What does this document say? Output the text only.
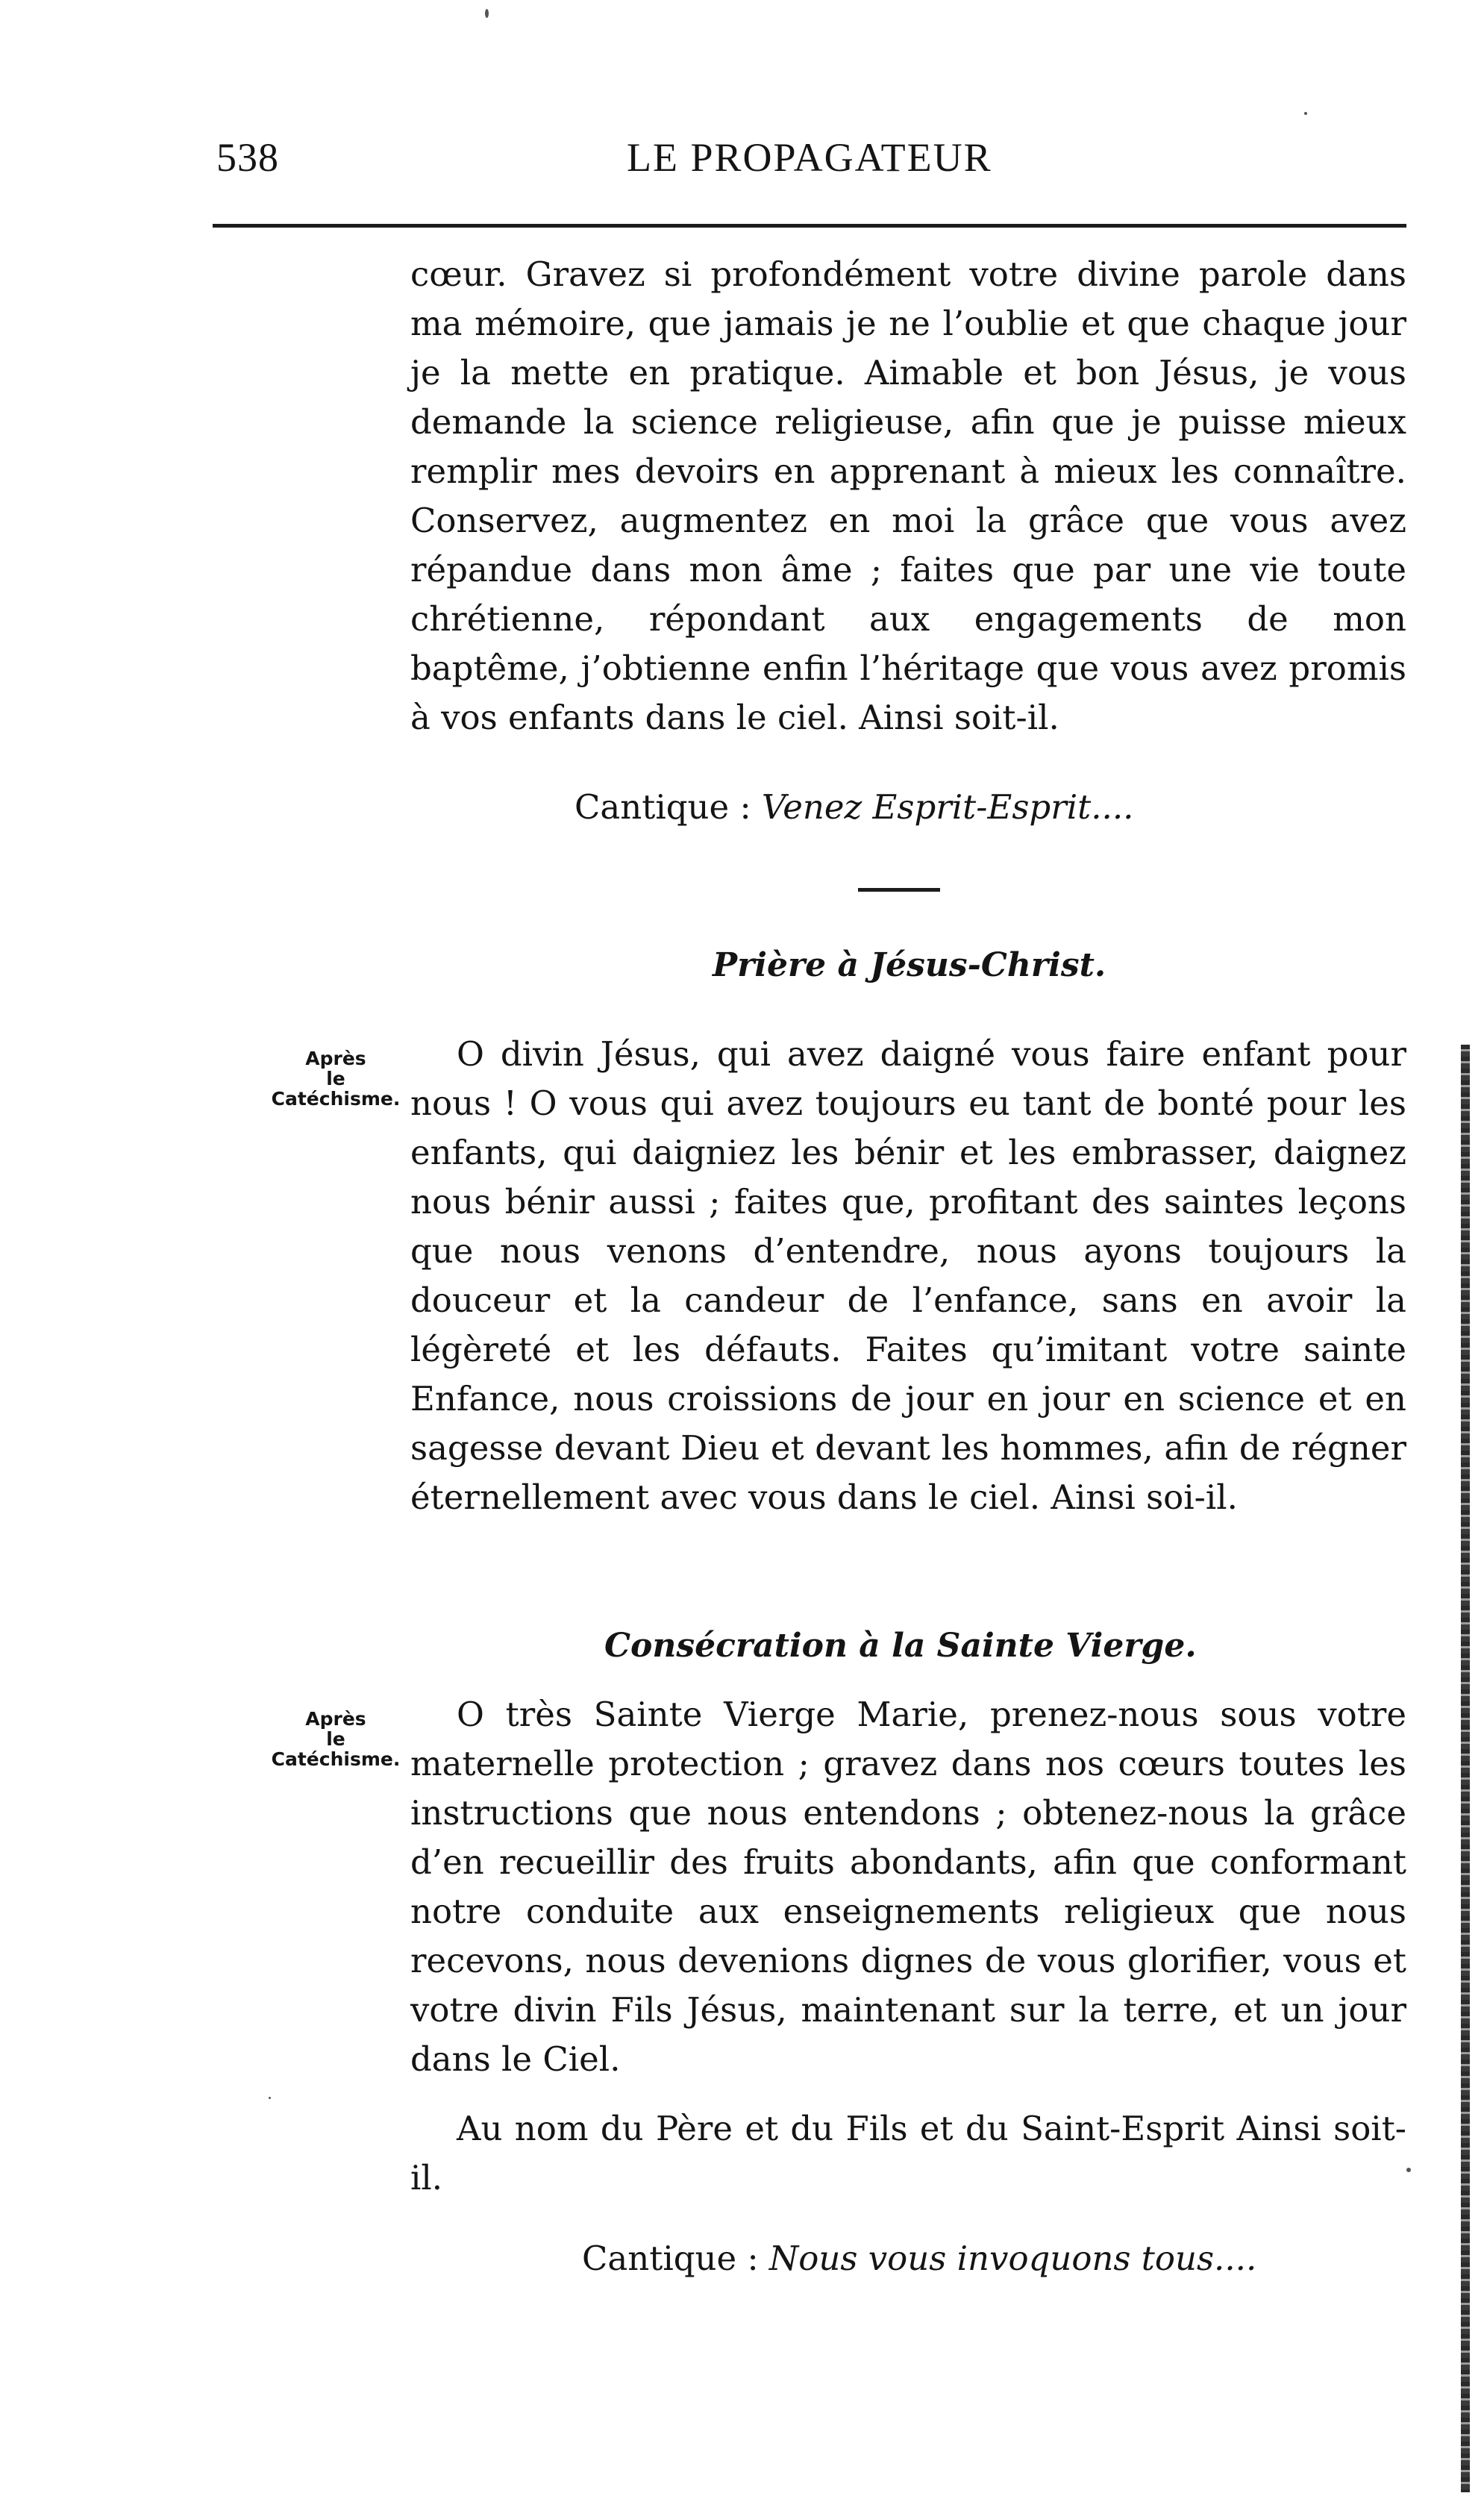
538	LE PROPAGATEUR

cœur. Gravez si profondément votre divine parole dans ma mémoire, que jamais je ne l’oublie et que chaque jour je la mette en pratique. Aimable et bon Jésus, je vous demande la science religieuse, afin que je puisse mieux remplir mes devoirs en apprenant à mieux les connaître. Conservez, augmentez en moi la grâce que vous avez répandue dans mon âme ; faites que par une vie toute chrétienne, répondant aux engagements de mon baptême, j’obtienne enfin l’héritage que vous avez promis à vos enfants dans le ciel. Ainsi soit-il.

Cantique : Venez Esprit-Esprit....
Prière à Jésus-Christ.
Après
le
Catéchisme.

O divin Jésus, qui avez daigné vous faire enfant pour nous ! O vous qui avez toujours eu tant de bonté pour les enfants, qui daigniez les bénir et les embrasser, daignez nous bénir aussi ; faites que, profitant des saintes leçons que nous venons d’entendre, nous ayons toujours la douceur et la candeur de l’enfance, sans en avoir la légèreté et les défauts. Faites qu’imitant votre sainte Enfance, nous croissions de jour en jour en science et en sagesse devant Dieu et devant les hommes, afin de régner éternellement avec vous dans le ciel. Ainsi soi-il.

Consécration à la Sainte Vierge.
Après
le
Catéchisme.

O très Sainte Vierge Marie, prenez-nous sous votre maternelle protection ; gravez dans nos cœurs toutes les instructions que nous entendons ; obtenez-nous la grâce d’en recueillir des fruits abondants, afin que conformant notre conduite aux enseignements religieux que nous recevons, nous devenions dignes de vous glorifier, vous et votre divin Fils Jésus, maintenant sur la terre, et un jour dans le Ciel.

Au nom du Père et du Fils et du Saint-Esprit Ainsi soit-il.

Cantique : Nous vous invoquons tous....
